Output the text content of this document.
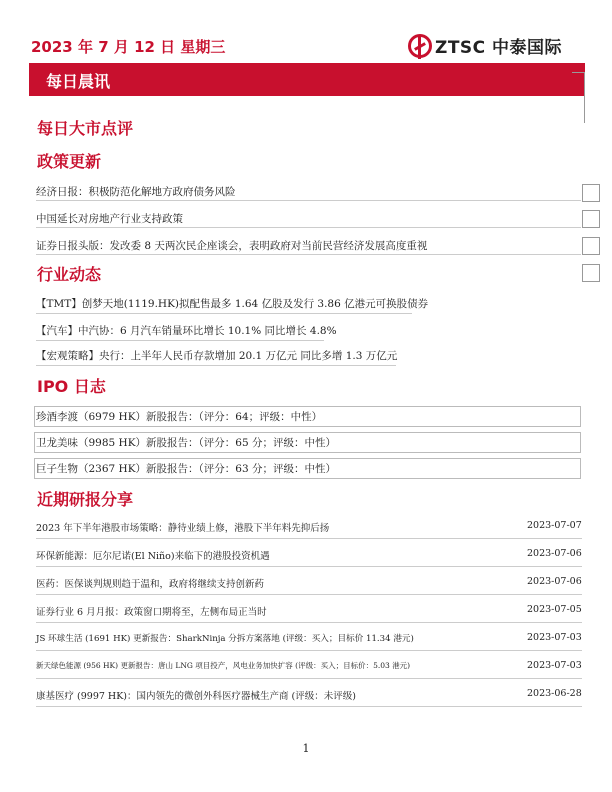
2023 年 7 月 12 日 星期三	ZTSC 中泰国际
每日晨讯
每日大市点评
政策更新
经济日报：积极防范化解地方政府债务风险
中国延长对房地产行业支持政策
证券日报头版：发改委 8 天两次民企座谈会，表明政府对当前民营经济发展高度重视
行业动态
【TMT】创梦天地(1119.HK)拟配售最多 1.64 亿股及发行 3.86 亿港元可换股债券
【汽车】中汽协：6 月汽车销量环比增长 10.1% 同比增长 4.8%
【宏观策略】央行：上半年人民币存款增加 20.1 万亿元 同比多增 1.3 万亿元
IPO 日志
珍酒李渡（6979 HK）新股报告：（评分：64；评级：中性）
卫龙美味（9985 HK）新股报告：（评分：65 分；评级：中性）
巨子生物（2367 HK）新股报告：（评分：63 分；评级：中性）
近期研报分享
2023 年下半年港股市场策略：静待业绩上修，港股下半年料先抑后扬	2023-07-07
环保新能源：厄尔尼诺(El Niño)来临下的港股投资机遇	2023-07-06
医药：医保谈判规则趋于温和，政府将继续支持创新药	2023-07-06
证券行业 6 月月报：政策窗口期将至，左侧布局正当时	2023-07-05
JS 环球生活 (1691 HK) 更新报告：SharkNinja 分拆方案落地 (评级：买入；目标价 11.34 港元)	2023-07-03
新天绿色能源 (956 HK) 更新报告：唐山 LNG 项目投产，风电业务加快扩容 (评级：买入；目标价：5.03 港元)	2023-07-03
康基医疗 (9997 HK)：国内领先的微创外科医疗器械生产商 (评级：未评级)	2023-06-28
1
